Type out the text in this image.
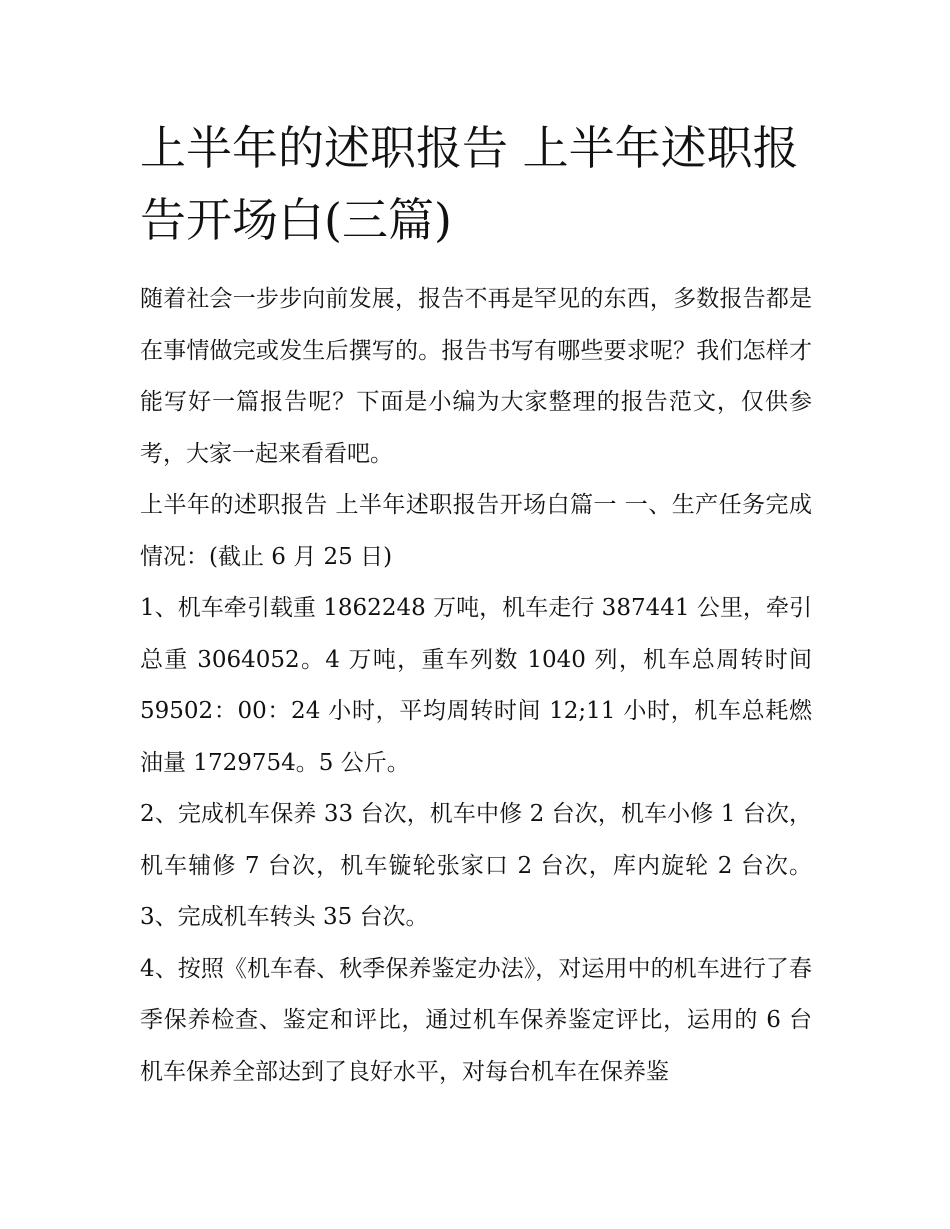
上半年的述职报告 上半年述职报告开场白(三篇)

随着社会一步步向前发展，报告不再是罕见的东西，多数报告都是在事情做完或发生后撰写的。报告书写有哪些要求呢？我们怎样才能写好一篇报告呢？下面是小编为大家整理的报告范文，仅供参考，大家一起来看看吧。

上半年的述职报告 上半年述职报告开场白篇一 一、生产任务完成情况：(截止 6 月 25 日)

1、机车牵引载重 1862248 万吨，机车走行 387441 公里，牵引总重 3064052。4 万吨，重车列数 1040 列，机车总周转时间59502：00：24 小时，平均周转时间 12;11 小时，机车总耗燃油量 1729754。5 公斤。

2、完成机车保养 33 台次，机车中修 2 台次，机车小修 1 台次，机车辅修 7 台次，机车镟轮张家口 2 台次，库内旋轮 2 台次。 3、完成机车转头 35 台次。

4、按照《机车春、秋季保养鉴定办法》，对运用中的机车进行了春季保养检查、鉴定和评比，通过机车保养鉴定评比，运用的 6 台机车保养全部达到了良好水平，对每台机车在保养鉴
